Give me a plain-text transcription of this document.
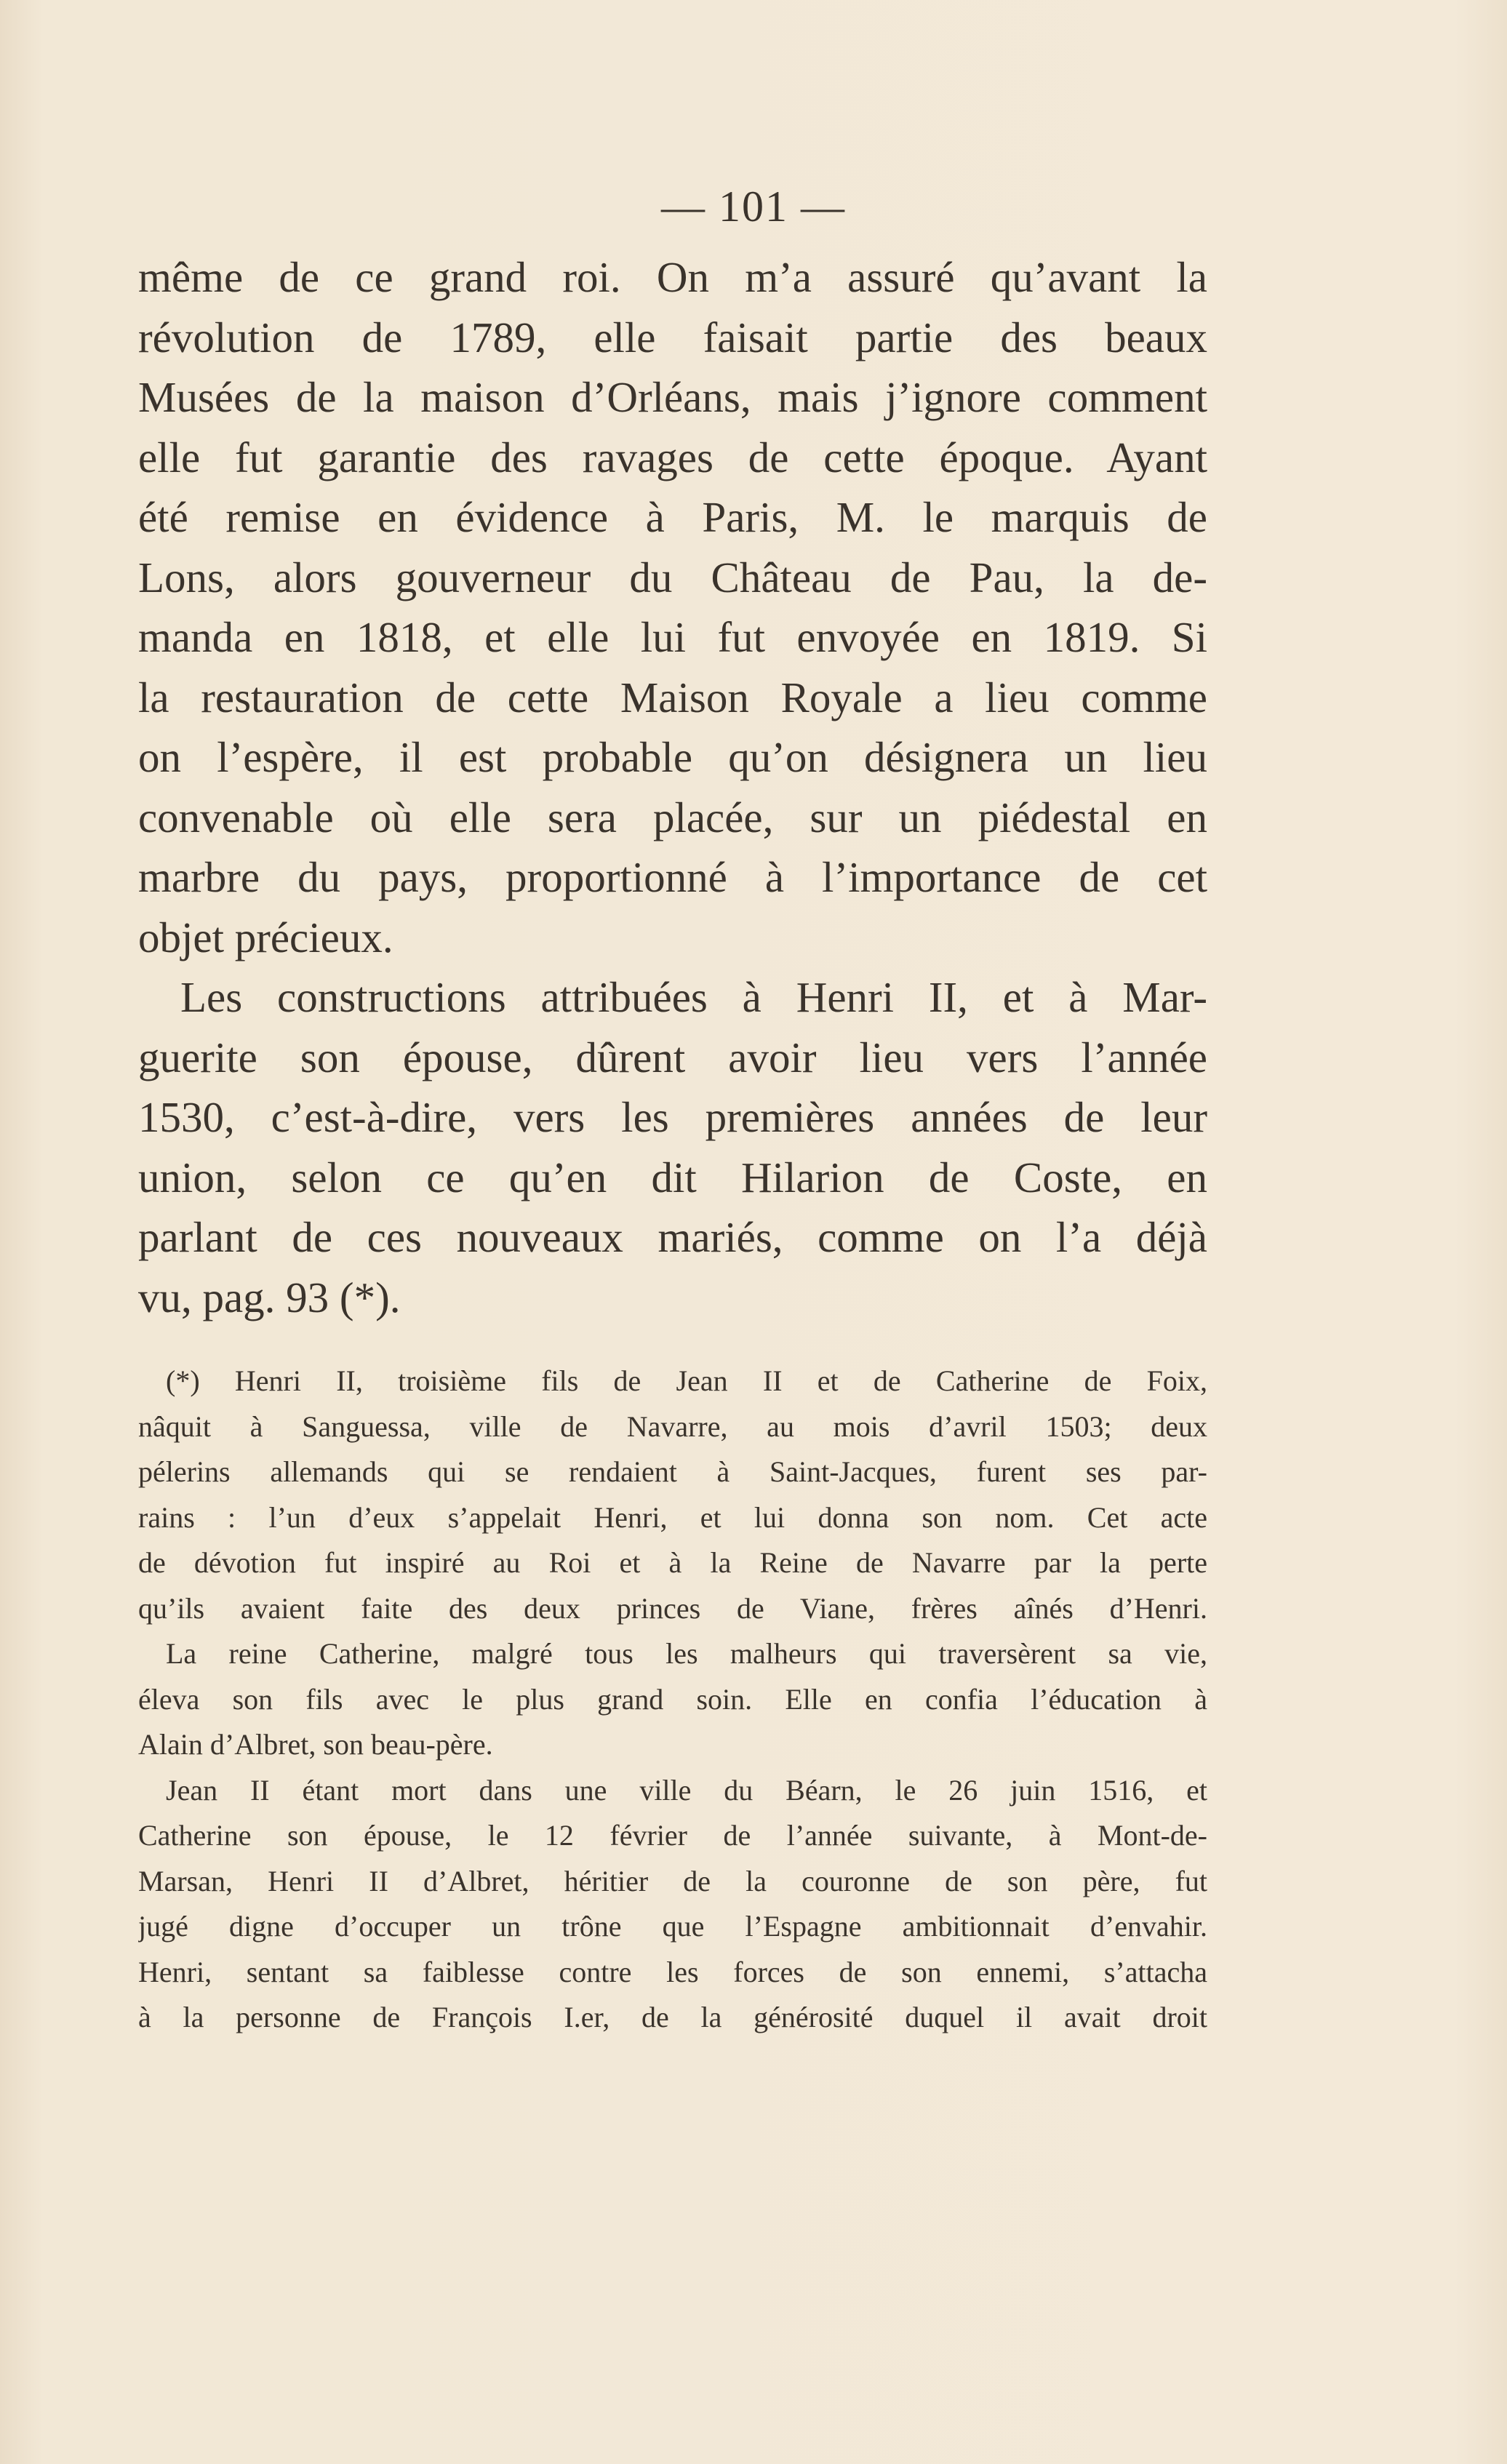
— 101 —
même de ce grand roi. On m’a assuré qu’avant la
révolution de 1789, elle faisait partie des beaux
Musées de la maison d’Orléans, mais j’ignore comment
elle fut garantie des ravages de cette époque. Ayant
été remise en évidence à Paris, M. le marquis de
Lons, alors gouverneur du Château de Pau, la de-
manda en 1818, et elle lui fut envoyée en 1819. Si
la restauration de cette Maison Royale a lieu comme
on l’espère, il est probable qu’on désignera un lieu
convenable où elle sera placée, sur un piédestal en
marbre du pays, proportionné à l’importance de cet
objet précieux.
Les constructions attribuées à Henri II, et à Mar-
guerite son épouse, dûrent avoir lieu vers l’année
1530, c’est-à-dire, vers les premières années de leur
union, selon ce qu’en dit Hilarion de Coste, en
parlant de ces nouveaux mariés, comme on l’a déjà
vu, pag. 93 (*).
(*) Henri II, troisième fils de Jean II et de Catherine de Foix,
nâquit à Sanguessa, ville de Navarre, au mois d’avril 1503; deux
pélerins allemands qui se rendaient à Saint-Jacques, furent ses par-
rains : l’un d’eux s’appelait Henri, et lui donna son nom. Cet acte
de dévotion fut inspiré au Roi et à la Reine de Navarre par la perte
qu’ils avaient faite des deux princes de Viane, frères aînés d’Henri.
La reine Catherine, malgré tous les malheurs qui traversèrent sa vie,
éleva son fils avec le plus grand soin. Elle en confia l’éducation à
Alain d’Albret, son beau-père.
Jean II étant mort dans une ville du Béarn, le 26 juin 1516, et
Catherine son épouse, le 12 février de l’année suivante, à Mont-de-
Marsan, Henri II d’Albret, héritier de la couronne de son père, fut
jugé digne d’occuper un trône que l’Espagne ambitionnait d’envahir.
Henri, sentant sa faiblesse contre les forces de son ennemi, s’attacha
à la personne de François I.er, de la générosité duquel il avait droit
